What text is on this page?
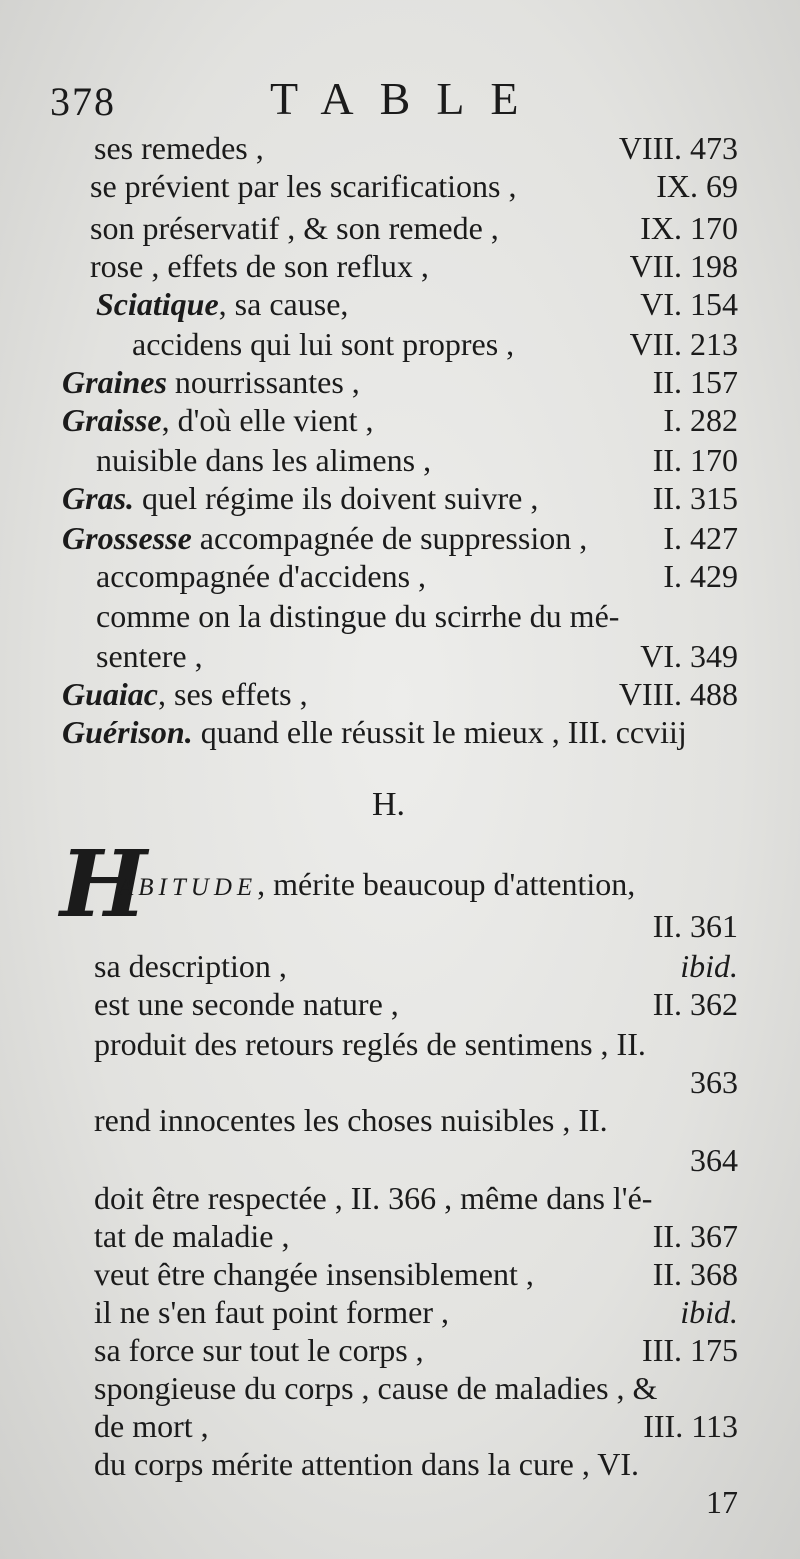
378	TABLE
ses remedes ,	VIII. 473
se prévient par les scarifications ,	IX. 69
son préservatif , & son remede ,	IX. 170
rose , effets de son reflux ,	VII. 198
Sciatique, sa cause,	VI. 154
accidens qui lui sont propres ,	VII. 213
Graines nourrissantes ,	II. 157
Graisse, d'où elle vient ,	I. 282
nuisible dans les alimens ,	II. 170
Gras. quel régime ils doivent suivre ,	II. 315
Grossesse accompagnée de suppression , I. 427
accompagnée d'accidens ,	I. 429
comme on la distingue du scirrhe du mé-
sentere ,	VI. 349
Guaiac, ses effets ,	VIII. 488
Guérison. quand elle réussit le mieux , III. ccviij
H.
H
ABITUDE, mérite beaucoup d'attention,
II. 361
sa description ,	ibid.
est une seconde nature ,	II. 362
produit des retours reglés de sentimens , II.
363
rend innocentes les choses nuisibles , II.
364
doit être respectée , II. 366 , même dans l'é-
tat de maladie ,	II. 367
veut être changée insensiblement ,	II. 368
il ne s'en faut point former ,	ibid.
sa force sur tout le corps ,	III. 175
spongieuse du corps , cause de maladies , &
de mort ,	III. 113
du corps mérite attention dans la cure , VI.
17
